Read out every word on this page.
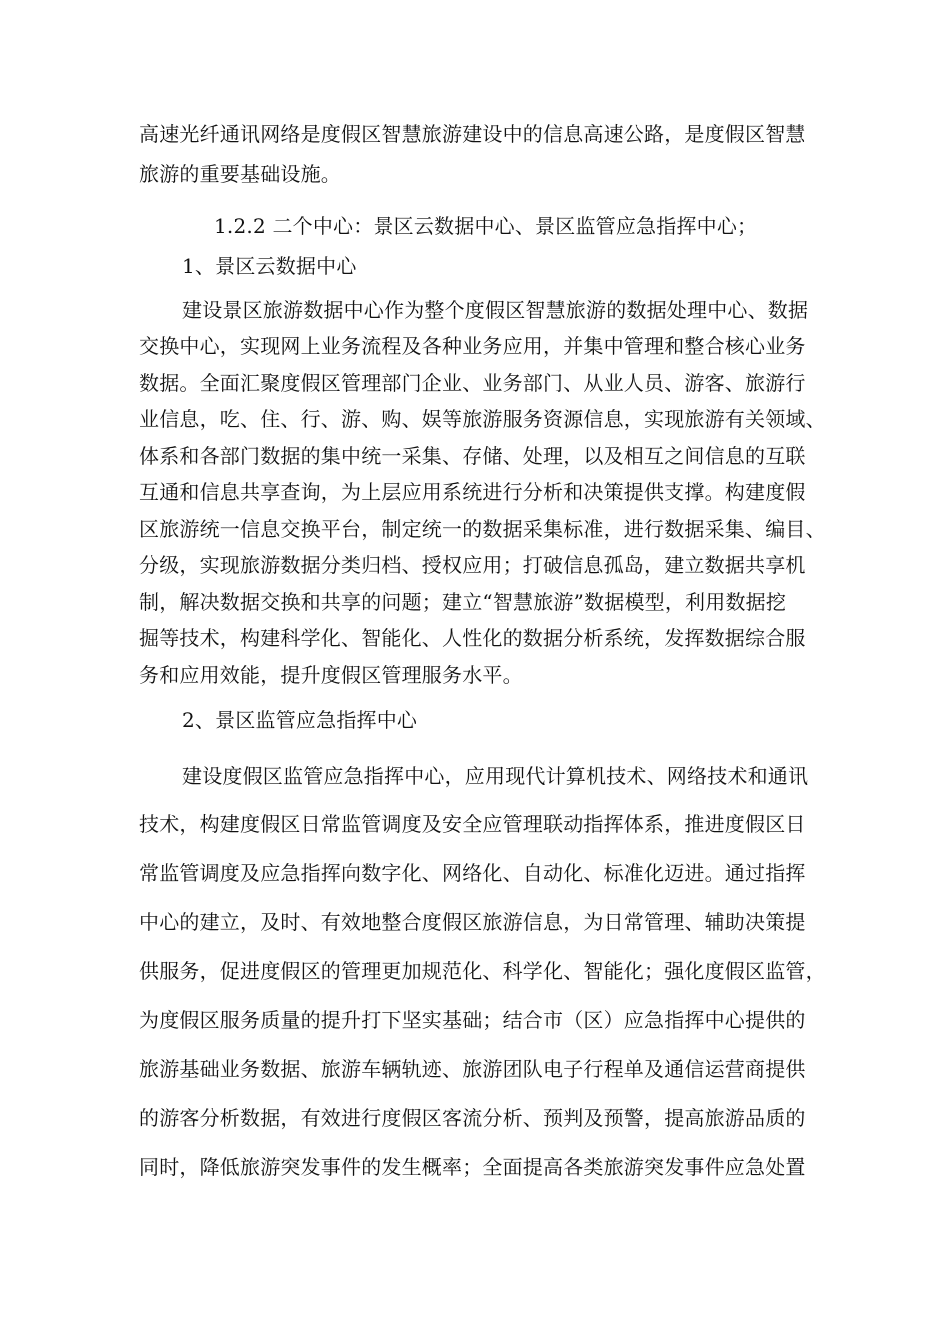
高速光纤通讯网络是度假区智慧旅游建设中的信息高速公路，是度假区智慧
旅游的重要基础设施。
1.2.2 二个中心：景区云数据中心、景区监管应急指挥中心；
1、景区云数据中心
建设景区旅游数据中心作为整个度假区智慧旅游的数据处理中心、数据
交换中心，实现网上业务流程及各种业务应用，并集中管理和整合核心业务
数据。全面汇聚度假区管理部门企业、业务部门、从业人员、游客、旅游行
业信息，吃、住、行、游、购、娱等旅游服务资源信息，实现旅游有关领域、
体系和各部门数据的集中统一采集、存储、处理，以及相互之间信息的互联
互通和信息共享查询，为上层应用系统进行分析和决策提供支撑。构建度假
区旅游统一信息交换平台，制定统一的数据采集标准，进行数据采集、编目、
分级，实现旅游数据分类归档、授权应用；打破信息孤岛，建立数据共享机
制，解决数据交换和共享的问题；建立“智慧旅游”数据模型，利用数据挖
掘等技术，构建科学化、智能化、人性化的数据分析系统，发挥数据综合服
务和应用效能，提升度假区管理服务水平。
2、景区监管应急指挥中心
建设度假区监管应急指挥中心，应用现代计算机技术、网络技术和通讯
技术，构建度假区日常监管调度及安全应管理联动指挥体系，推进度假区日
常监管调度及应急指挥向数字化、网络化、自动化、标准化迈进。通过指挥
中心的建立，及时、有效地整合度假区旅游信息，为日常管理、辅助决策提
供服务，促进度假区的管理更加规范化、科学化、智能化；强化度假区监管，
为度假区服务质量的提升打下坚实基础；结合市（区）应急指挥中心提供的
旅游基础业务数据、旅游车辆轨迹、旅游团队电子行程单及通信运营商提供
的游客分析数据，有效进行度假区客流分析、预判及预警，提高旅游品质的
同时，降低旅游突发事件的发生概率；全面提高各类旅游突发事件应急处置
